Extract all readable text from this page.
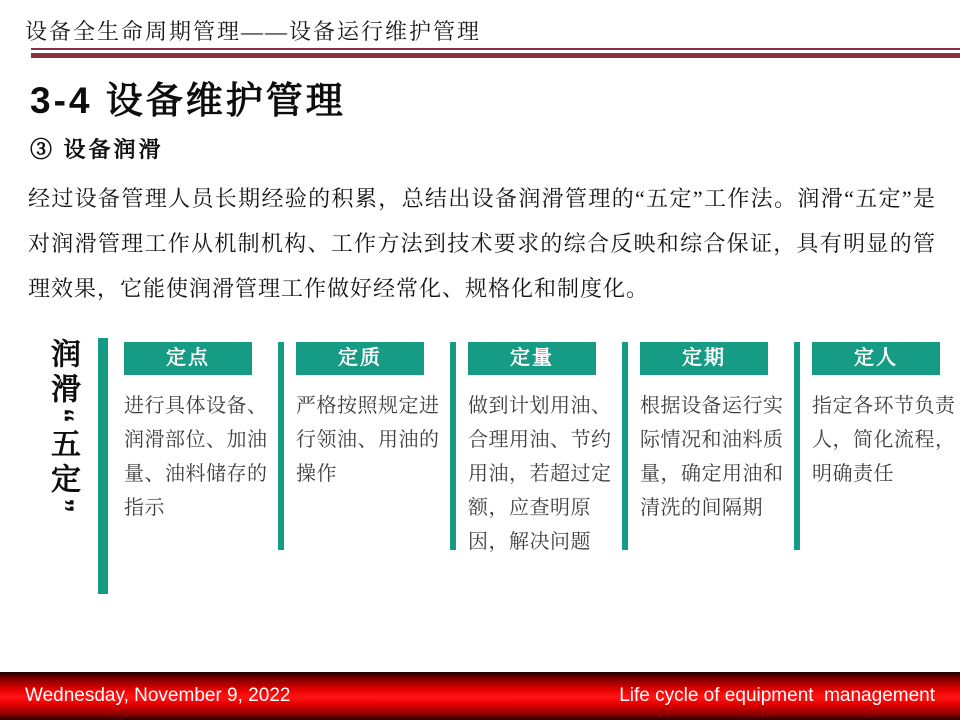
设备全生命周期管理——设备运行维护管理
3-4 设备维护管理
③ 设备润滑
经过设备管理人员长期经验的积累，总结出设备润滑管理的“五定”工作法。润滑“五定”是对润滑管理工作从机制机构、工作方法到技术要求的综合反映和综合保证，具有明显的管理效果，它能使润滑管理工作做好经常化、规格化和制度化。
润滑“五定”	定点
进行具体设备、润滑部位、加油量、油料储存的指示
定质
严格按照规定进行领油、用油的操作
定量
做到计划用油、合理用油、节约用油，若超过定额，应查明原因，解决问题
定期
根据设备运行实际情况和油料质量，确定用油和清洗的间隔期
定人
指定各环节负责人，简化流程，明确责任
Wednesday, November 9, 2022	Life cycle of equipment  management
